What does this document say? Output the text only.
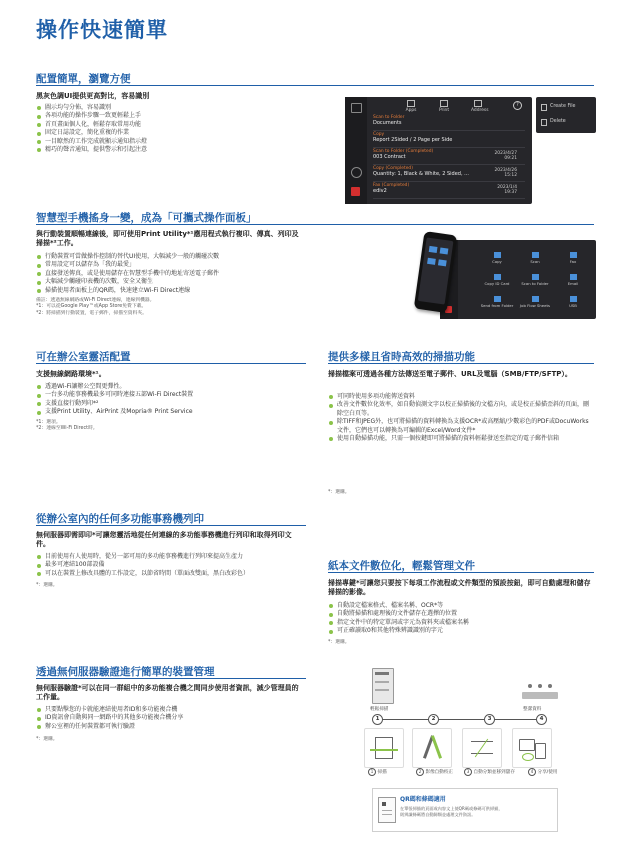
操作快速簡單
配置簡單，瀏覽方便
黑灰色調UI提供更高對比，容易識別
圖示均勻分佈，容易識別
各項功能的操作步驟一致更輕鬆上手
首頁畫面個人化，輕鬆存取常用功能
固定日誌設定，簡化重複的作業
一目瞭然的工作完成就顯示通知指示燈
精巧的聲音通知，提供警示和引起注意
Apps	Print	Address
?
Scan to Folder
Documents
Copy
Report 2Sided / 2 Page per Side
Scan to Folder (Completed)
003 Contract
2023/4/27 09:21
Copy (Completed)
Quantity: 1, Black & White, 2 Sided, ...
2023/4/26 15:12
Fax (Completed)
ediv2
2023/1/4 19:37
Create File
Delete
智慧型手機搖身一變，成為「可攜式操作面板」
與行動裝置順暢連線後，即可使用Print Utility*¹應用程式執行複印、傳真、列印及掃描*²工作。
行動裝置可當做操作控制的替代UI使用，大幅減少一般的觸碰次數
常用設定可以儲存為「我的最愛」
直接發送傳真，或是使用儲存在智慧型手機中的地址寄送電子郵件
大幅減少觸碰印表機的次數，安全又衛生
掃描使用者面板上的QR碼，快速建立Wi-Fi Direct連線
備註：透過無線網路或Wi-Fi Direct連線，連線到機器。
*1：可以從Google Play™或App Store免費下載。
*2：將掃描到行動裝置，電子郵件，掃描至資料夾。
Copy	Scan	Fax
Copy ID Card	Scan to Folder	Email
Send from Folder	Job Flow Sheets	USB
可在辦公室靈活配置
支援無線網路環境*¹。
透過Wi-Fi讓辦公空間更彈性。
一台多功能事務機最多可同時連接五部Wi-Fi Direct裝置
支援直接行動列印*²
支援Print Utility、AirPrint 及Mopria® Print Service
*1：選項。
*2：連線至Wi-Fi Direct時。
提供多樣且省時高效的掃描功能
掃描檔案可透過各種方法傳送至電子郵件、URL及電腦（SMB/FTP/SFTP）。
可同時使用多項功能傳送資料
改善文件數位化效率，如自動偵測文字以校正掃描後的文檔方向，或是校正掃描歪斜的頁面，刪除空白頁等。
除TIFF和JPEG外，也可將掃描的資料轉換為支援OCR*或高壓縮/少數彩色的PDF或DocuWorks文件，它們也可以轉換為可編輯的Excel/Word文件*
使用自動掃描功能，只需一個按鍵即可將掃描的資料輕鬆發送至指定的電子郵件信箱
*：選購。
從辦公室內的任何多功能事務機列印
無伺服器即需即印*可讓您靈活地從任何連線的多功能事務機進行列印和取得列印文件。
目前使用有人使用時，從另一部可用的多功能事務機進行列印來提高生產力
最多可連結100部設備
可以在裝置上修改具體的工作設定，以節省時間（單面改雙面，黑白改彩色）
*：選購。
紙本文件數位化，輕鬆管理文件
掃描專鍵*可讓您只要按下每項工作流程或文件類型的預設按鈕，即可自動處理和儲存掃描的影像。
自動設定檔案格式、檔案名稱、OCR*等
自動將掃描和處理後的文件儲存在選擇的位置
指定文件中的特定單詞或字元為資料夾或檔案名稱
可正確讀取0和其他特殊辨識識別的字元
*：選購。
透過無伺服器驗證進行簡單的裝置管理
無伺服器驗證*可以在同一群組中的多功能複合機之間同步使用者資訊，減少管理員的工作量。
只要點擊您的卡就能連結使用者ID和多功能複合機
ID資訊會自動與同一網路中的其他多功能複合機分享
辦公室裡的任何裝置都可執行驗證
*：選購。
輕鬆掃描	整潔資料
1	2	3	4
1 掃描	2 影像自動校正	3 自動分類並移到儲存	4 分享/使用
QR碼和條碼適用
在單張掃描的頁面或內容文上使QR碼或條碼可供掃描，
則辨識條碼將自動歸類並處理文件資訊。
